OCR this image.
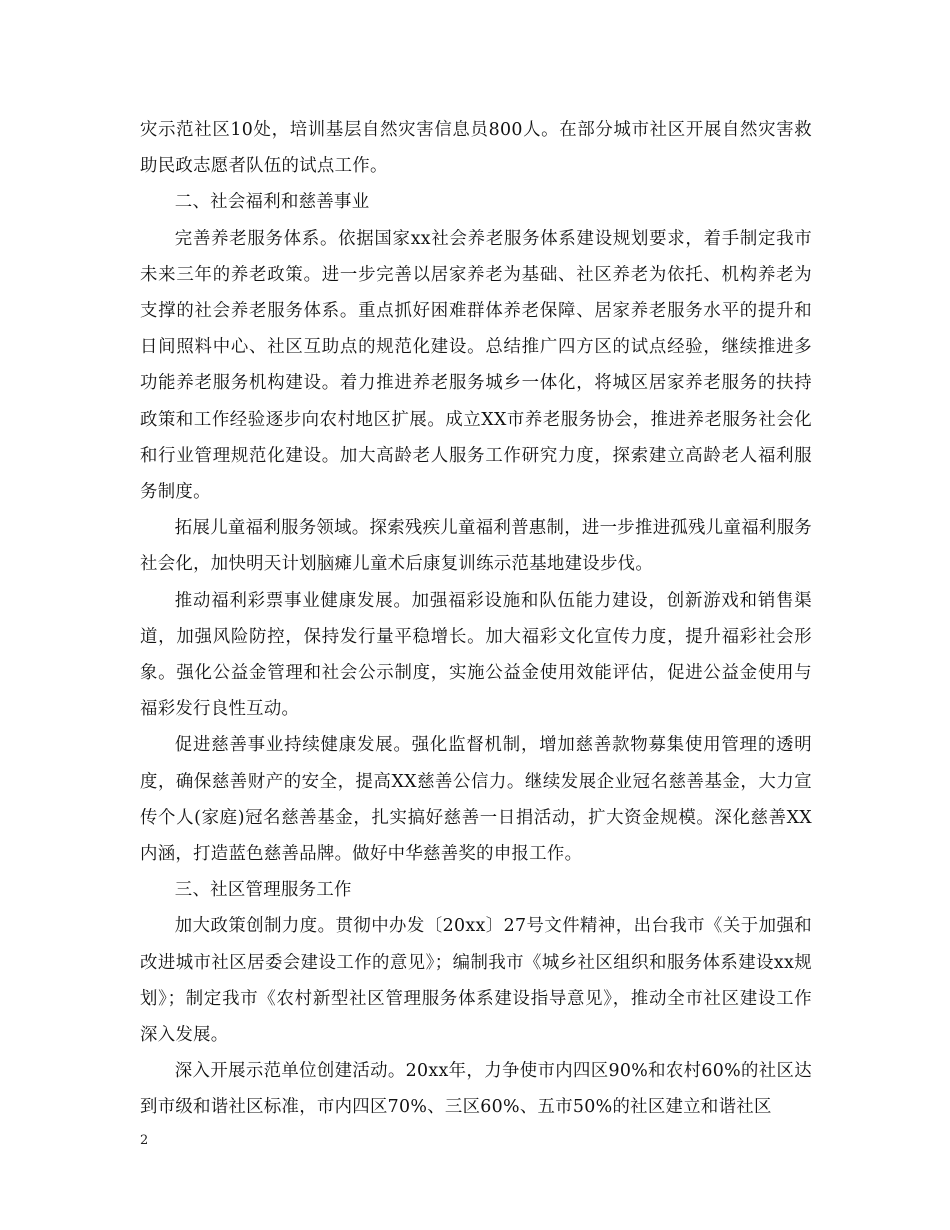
灾示范社区10处，培训基层自然灾害信息员800人。在部分城市社区开展自然灾害救助民政志愿者队伍的试点工作。

二、社会福利和慈善事业

完善养老服务体系。依据国家xx社会养老服务体系建设规划要求，着手制定我市未来三年的养老政策。进一步完善以居家养老为基础、社区养老为依托、机构养老为支撑的社会养老服务体系。重点抓好困难群体养老保障、居家养老服务水平的提升和日间照料中心、社区互助点的规范化建设。总结推广四方区的试点经验，继续推进多功能养老服务机构建设。着力推进养老服务城乡一体化，将城区居家养老服务的扶持政策和工作经验逐步向农村地区扩展。成立XX市养老服务协会，推进养老服务社会化和行业管理规范化建设。加大高龄老人服务工作研究力度，探索建立高龄老人福利服务制度。

拓展儿童福利服务领域。探索残疾儿童福利普惠制，进一步推进孤残儿童福利服务社会化，加快明天计划脑瘫儿童术后康复训练示范基地建设步伐。

推动福利彩票事业健康发展。加强福彩设施和队伍能力建设，创新游戏和销售渠道，加强风险防控，保持发行量平稳增长。加大福彩文化宣传力度，提升福彩社会形象。强化公益金管理和社会公示制度，实施公益金使用效能评估，促进公益金使用与福彩发行良性互动。

促进慈善事业持续健康发展。强化监督机制，增加慈善款物募集使用管理的透明度，确保慈善财产的安全，提高XX慈善公信力。继续发展企业冠名慈善基金，大力宣传个人(家庭)冠名慈善基金，扎实搞好慈善一日捐活动，扩大资金规模。深化慈善XX内涵，打造蓝色慈善品牌。做好中华慈善奖的申报工作。

三、社区管理服务工作

加大政策创制力度。贯彻中办发〔20xx〕27号文件精神，出台我市《关于加强和改进城市社区居委会建设工作的意见》；编制我市《城乡社区组织和服务体系建设xx规划》；制定我市《农村新型社区管理服务体系建设指导意见》，推动全市社区建设工作深入发展。

深入开展示范单位创建活动。20xx年，力争使市内四区90%和农村60%的社区达到市级和谐社区标准，市内四区70%、三区60%、五市50%的社区建立和谐社区

2
